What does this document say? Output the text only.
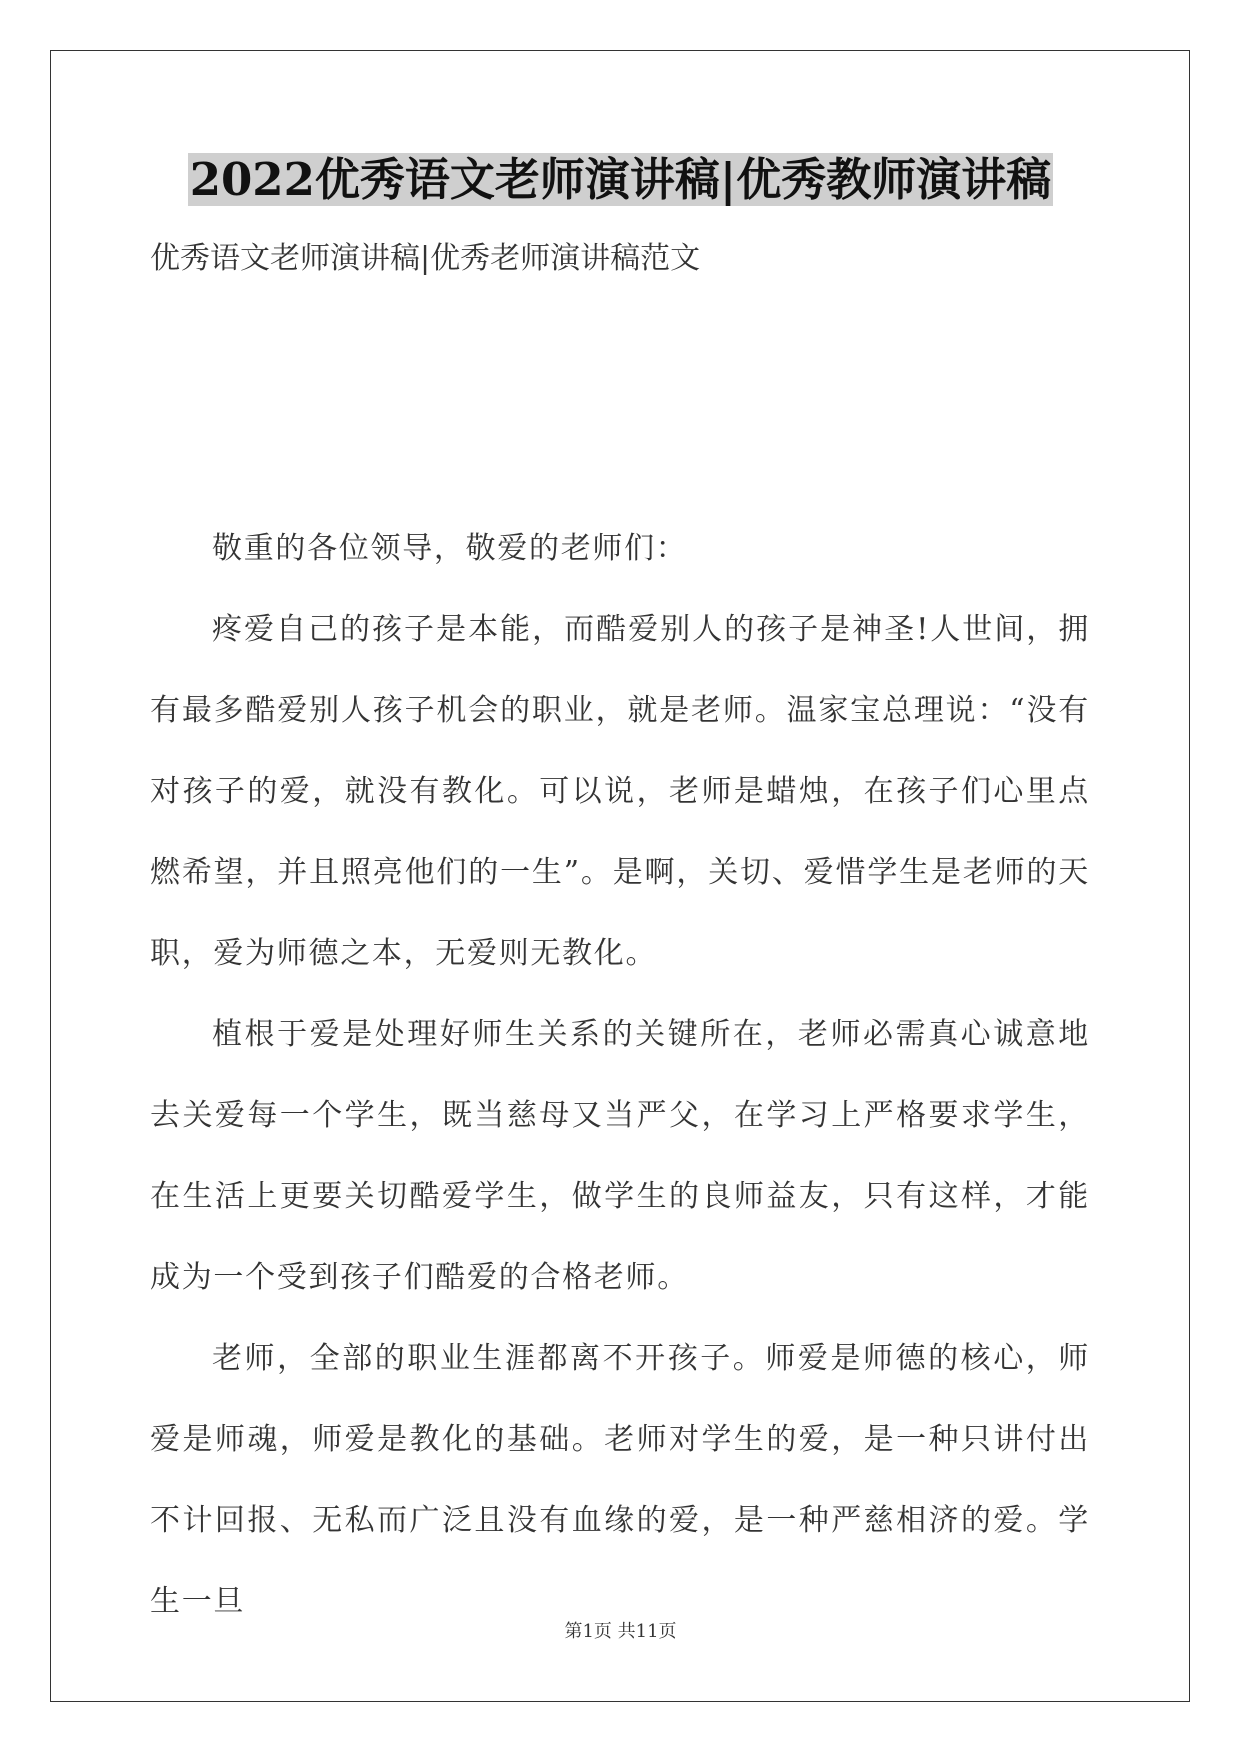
2022优秀语文老师演讲稿|优秀教师演讲稿
优秀语文老师演讲稿|优秀老师演讲稿范文

敬重的各位领导，敬爱的老师们：

疼爱自己的孩子是本能，而酷爱别人的孩子是神圣!人世间，拥有最多酷爱别人孩子机会的职业，就是老师。温家宝总理说：“没有对孩子的爱，就没有教化。可以说，老师是蜡烛，在孩子们心里点燃希望，并且照亮他们的一生”。是啊，关切、爱惜学生是老师的天职，爱为师德之本，无爱则无教化。

植根于爱是处理好师生关系的关键所在，老师必需真心诚意地去关爱每一个学生，既当慈母又当严父，在学习上严格要求学生，在生活上更要关切酷爱学生，做学生的良师益友，只有这样，才能成为一个受到孩子们酷爱的合格老师。

老师，全部的职业生涯都离不开孩子。师爱是师德的核心，师爱是师魂，师爱是教化的基础。老师对学生的爱，是一种只讲付出不计回报、无私而广泛且没有血缘的爱，是一种严慈相济的爱。学生一旦

第1页 共11页
